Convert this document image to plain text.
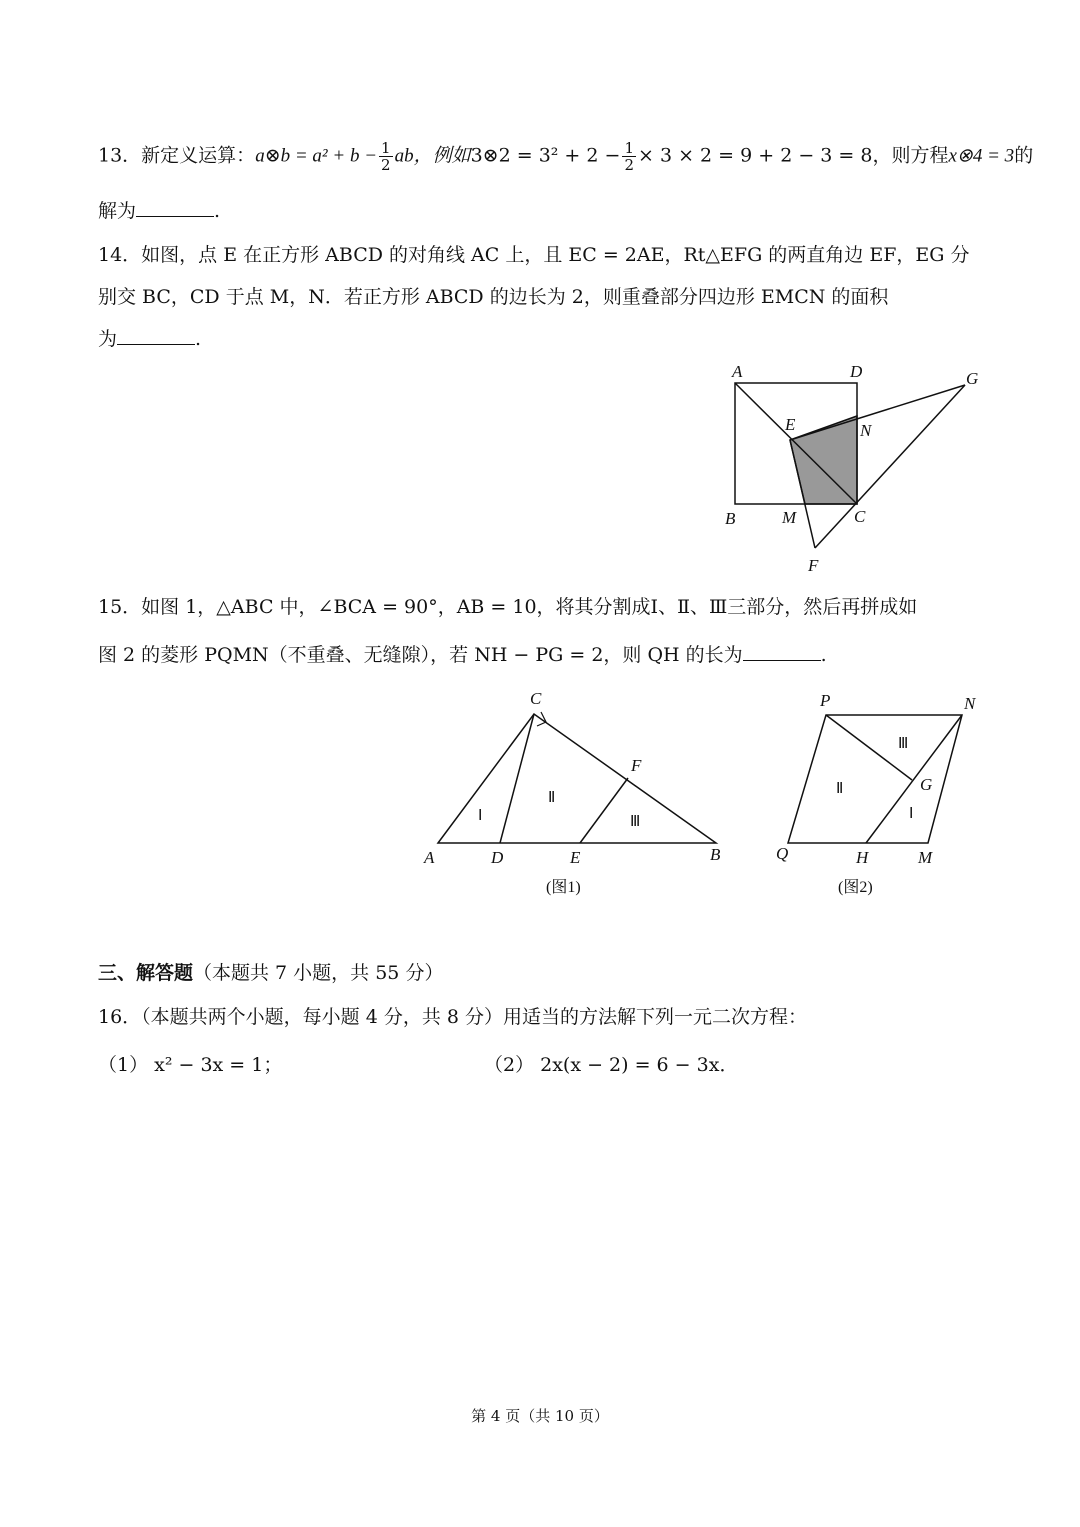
13．新定义运算：a⊗b = $a^2 + b - \frac{1}{2}$ ab，例如3⊗2 = $3^2 + 2 - \frac{1}{2} \times 3 \times 2 = 9 + 2 - 3 = 8$，则方程x⊗4 = 3的
解为	.
14．如图，点 E 在正方形 ABCD 的对角线 AC 上，且 EC = 2AE，Rt△EFG 的两直角边 EF，EG 分
别交 BC，CD 于点 M，N．若正方形 ABCD 的边长为 2，则重叠部分四边形 EMCN 的面积
为	.
A	D	G
E	N
B	M	C
F
15．如图 1，△ABC 中，∠BCA = 90°，AB = 10，将其分割成Ⅰ、Ⅱ、Ⅲ三部分，然后再拼成如
图 2 的菱形 PQMN（不重叠、无缝隙），若 NH − PG = 2，则 QH 的长为	.
C
F
A	D	E	B
Ⅰ
Ⅱ
Ⅲ
(图1)
P	N
G
Q	H	M
Ⅰ
Ⅱ
Ⅲ
(图2)
三、解答题（本题共 7 小题，共 55 分）
16．（本题共两个小题，每小题 4 分，共 8 分）用适当的方法解下列一元二次方程：
（1） x² − 3x = 1；	（2） 2x(x − 2) = 6 − 3x．
第 4 页（共 10 页）
